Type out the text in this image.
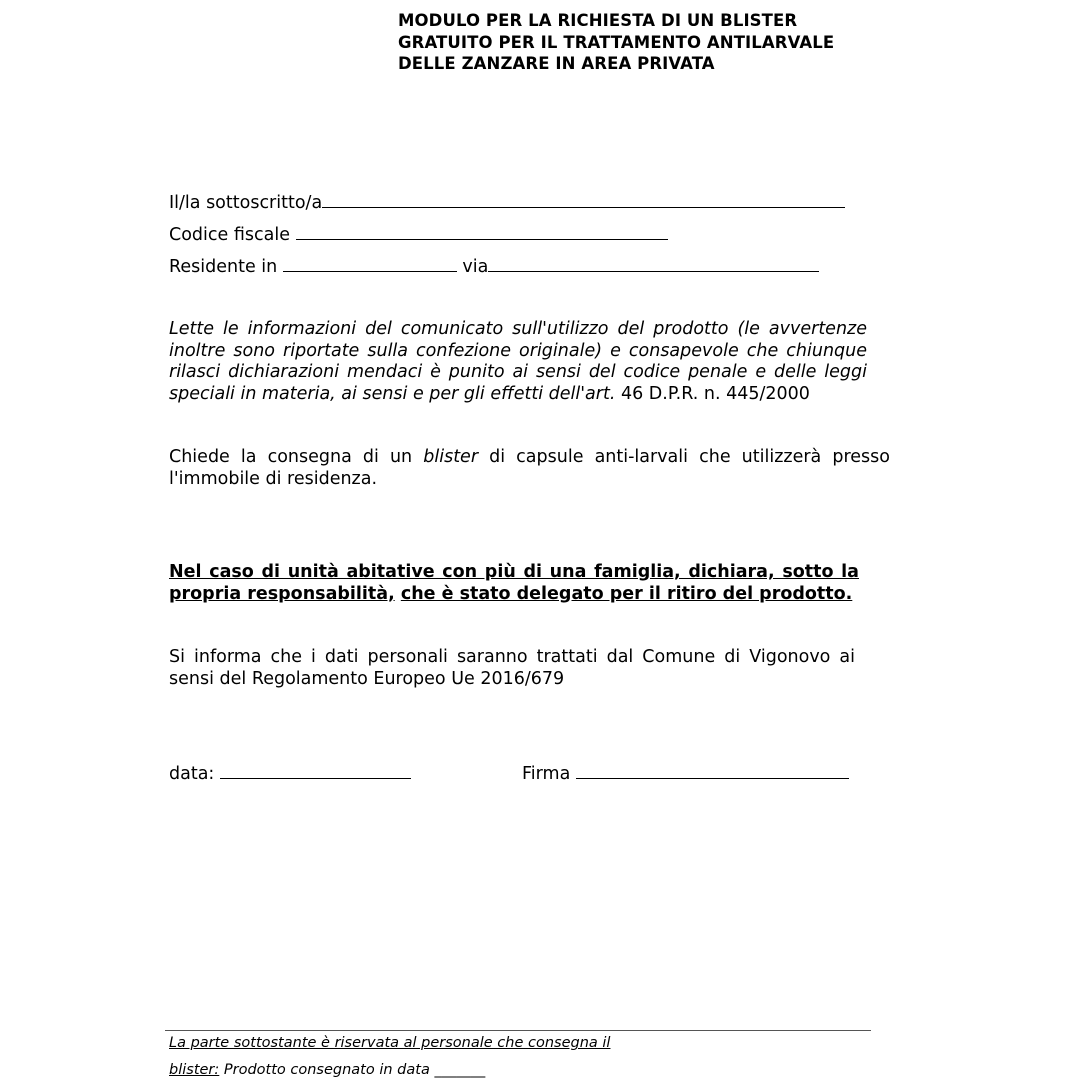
MODULO PER LA RICHIESTA DI UN BLISTER
GRATUITO PER IL TRATTAMENTO ANTILARVALE
DELLE ZANZARE IN AREA PRIVATA
Il/la sottoscritto/a
Codice fiscale
Residente in	via
Lette le informazioni del comunicato sull'utilizzo del prodotto (le avvertenze
inoltre sono riportate sulla confezione originale) e consapevole che chiunque
rilasci dichiarazioni mendaci è punito ai sensi del codice penale e delle leggi
speciali in materia, ai sensi e per gli effetti dell'art. 46 D.P.R. n. 445/2000
Chiede la consegna di un blister di capsule anti-larvali che utilizzerà presso
l'immobile di residenza.
Nel caso di unità abitative con più di una famiglia, dichiara, sotto la
propria responsabilità, che è stato delegato per il ritiro del prodotto.
Si informa che i dati personali saranno trattati dal Comune di Vigonovo ai
sensi del Regolamento Europeo Ue 2016/679
data:	Firma
La parte sottostante è riservata al personale che consegna il
blister: Prodotto consegnato in data _______
